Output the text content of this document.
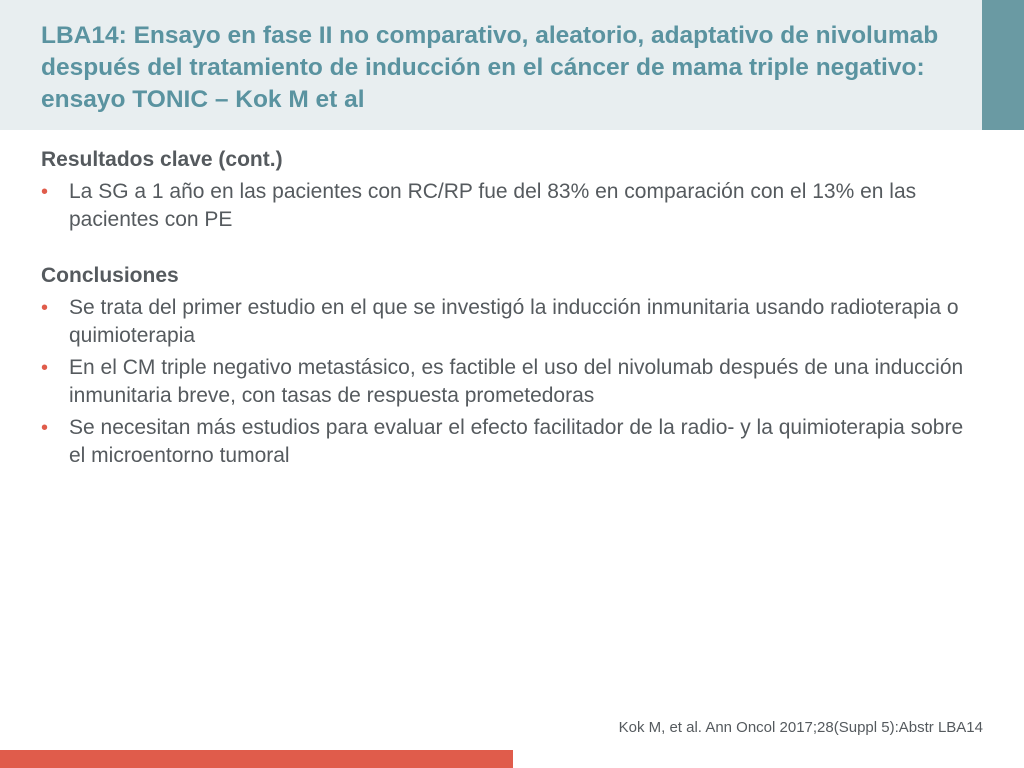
LBA14: Ensayo en fase II no comparativo, aleatorio, adaptativo de nivolumab después del tratamiento de inducción en el cáncer de mama triple negativo: ensayo TONIC – Kok M et al
Resultados clave (cont.)
• La SG a 1 año en las pacientes con RC/RP fue del 83% en comparación con el 13% en las pacientes con PE
Conclusiones
• Se trata del primer estudio en el que se investigó la inducción inmunitaria usando radioterapia o quimioterapia
• En el CM triple negativo metastásico, es factible el uso del nivolumab después de una inducción inmunitaria breve, con tasas de respuesta prometedoras
• Se necesitan más estudios para evaluar el efecto facilitador de la radio- y la quimioterapia sobre el microentorno tumoral
Kok M, et al. Ann Oncol 2017;28(Suppl 5):Abstr LBA14
